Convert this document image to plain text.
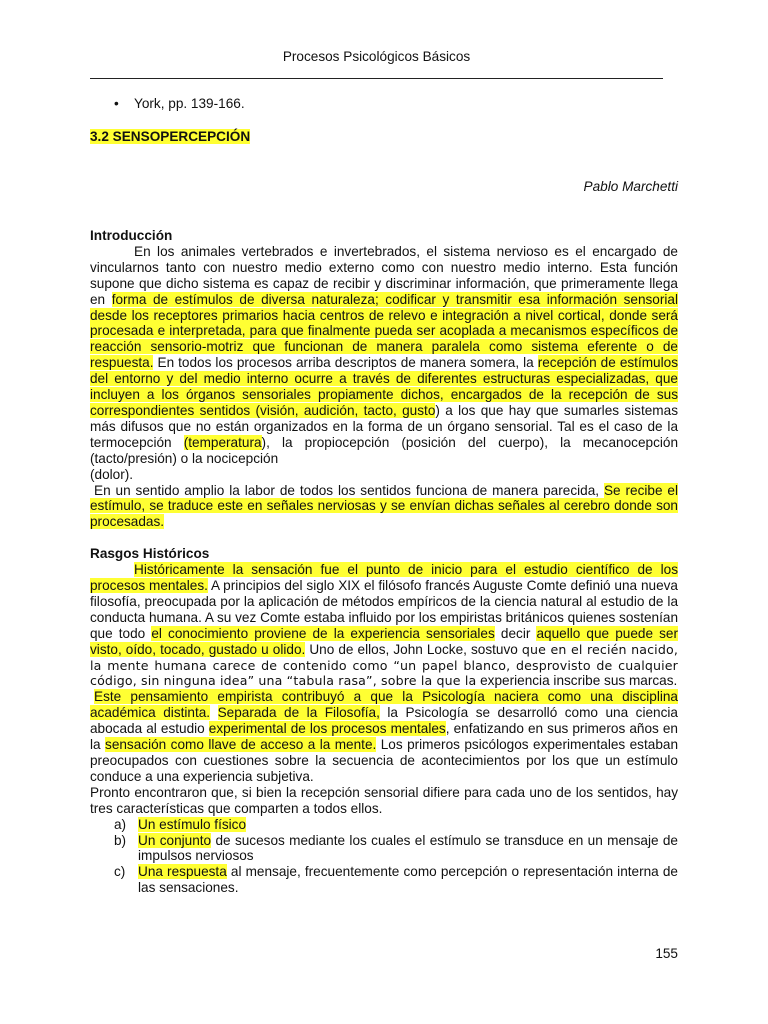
Procesos Psicológicos Básicos
• York, pp. 139-166.
3.2 SENSOPERCEPCIÓN
Pablo Marchetti

Introducción

En los animales vertebrados e invertebrados, el sistema nervioso es el encargado de vincularnos tanto con nuestro medio externo como con nuestro medio interno. Esta función supone que dicho sistema es capaz de recibir y discriminar información, que primeramente llega en forma de estímulos de diversa naturaleza; codificar y transmitir esa información sensorial desde los receptores primarios hacia centros de relevo e integración a nivel cortical, donde será procesada e interpretada, para que finalmente pueda ser acoplada a mecanismos específicos de reacción sensorio-motriz que funcionan de manera paralela como sistema eferente o de respuesta. En todos los procesos arriba descriptos de manera somera, la recepción de estímulos del entorno y del medio interno ocurre a través de diferentes estructuras especializadas, que incluyen a los órganos sensoriales propiamente dichos, encargados de la recepción de sus correspondientes sentidos (visión, audición, tacto, gusto) a los que hay que sumarles sistemas más difusos que no están organizados en la forma de un órgano sensorial. Tal es el caso de la termocepción (temperatura), la propiocepción (posición del cuerpo), la mecanocepción (tacto/presión) o la nocicepción

(dolor).

En un sentido amplio la labor de todos los sentidos funciona de manera parecida, Se recibe el estímulo, se traduce este en señales nerviosas y se envían dichas señales al cerebro donde son procesadas.

Rasgos Históricos

Históricamente la sensación fue el punto de inicio para el estudio científico de los procesos mentales. A principios del siglo XIX el filósofo francés Auguste Comte definió una nueva filosofía, preocupada por la aplicación de métodos empíricos de la ciencia natural al estudio de la conducta humana. A su vez Comte estaba influido por los empiristas británicos quienes sostenían que todo el conocimiento proviene de la experiencia sensoriales decir aquello que puede ser visto, oído, tocado, gustado u olido. Uno de ellos, John Locke, sostuvo que en el recién nacido, la mente humana carece de contenido como “un papel blanco, desprovisto de cualquier código, sin ninguna idea” una “tabula rasa”, sobre la que la experiencia inscribe sus marcas.

Este pensamiento empirista contribuyó a que la Psicología naciera como una disciplina académica distinta. Separada de la Filosofía, la Psicología se desarrolló como una ciencia abocada al estudio experimental de los procesos mentales, enfatizando en sus primeros años en la sensación como llave de acceso a la mente. Los primeros psicólogos experimentales estaban preocupados con cuestiones sobre la secuencia de acontecimientos por los que un estímulo conduce a una experiencia subjetiva.

Pronto encontraron que, si bien la recepción sensorial difiere para cada uno de los sentidos, hay tres características que comparten a todos ellos.

a) Un estímulo físico
b) Un conjunto de sucesos mediante los cuales el estímulo se transduce en un mensaje de impulsos nerviosos
c) Una respuesta al mensaje, frecuentemente como percepción o representación interna de las sensaciones.
155
